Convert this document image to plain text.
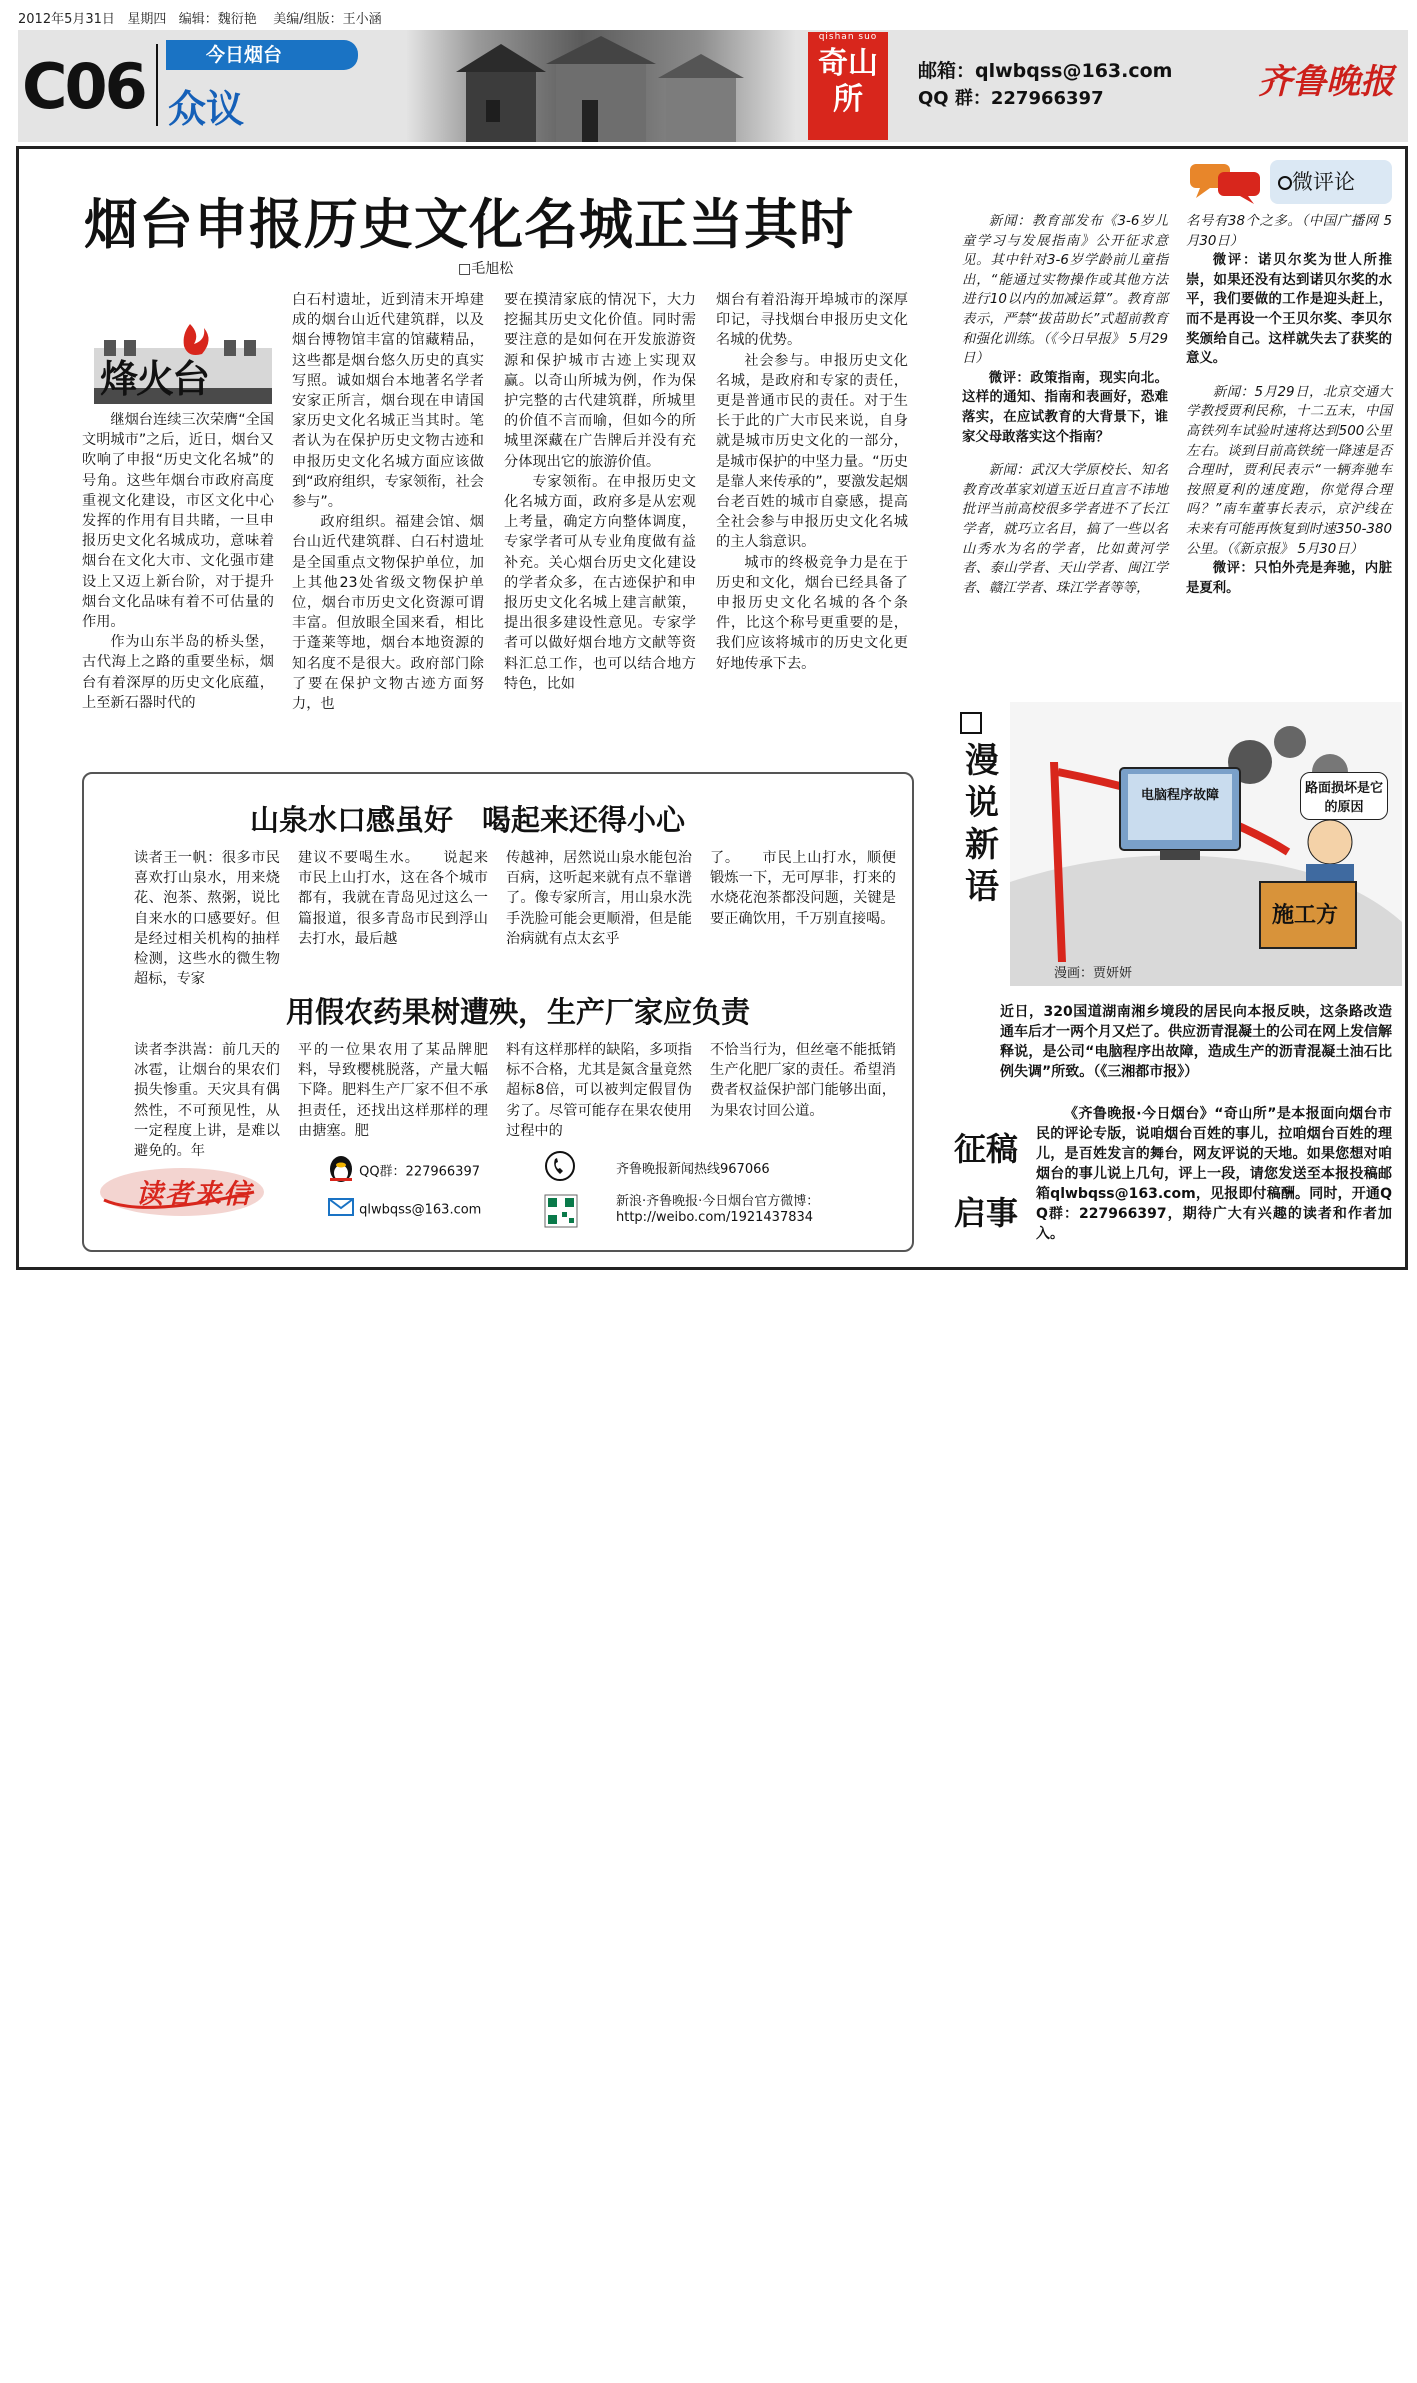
2012年5月31日 星期四 编辑：魏衍艳 美编/组版：王小涵
C06	今日烟台
众议
qishan suo
奇山所
邮箱：qlwbqss@163.com
QQ 群：227966397	齐鲁晚报
烟台申报历史文化名城正当其时
□毛旭松
烽火台

继烟台连续三次荣膺“全国文明城市”之后，近日，烟台又吹响了申报“历史文化名城”的号角。这些年烟台市政府高度重视文化建设，市区文化中心发挥的作用有目共睹，一旦申报历史文化名城成功，意味着烟台在文化大市、文化强市建设上又迈上新台阶，对于提升烟台文化品味有着不可估量的作用。

作为山东半岛的桥头堡，古代海上之路的重要坐标，烟台有着深厚的历史文化底蕴，上至新石器时代的

白石村遗址，近到清末开埠建成的烟台山近代建筑群，以及烟台博物馆丰富的馆藏精品，这些都是烟台悠久历史的真实写照。诚如烟台本地著名学者安家正所言，烟台现在申请国家历史文化名城正当其时。笔者认为在保护历史文物古迹和申报历史文化名城方面应该做到“政府组织，专家领衔，社会参与”。

政府组织。福建会馆、烟台山近代建筑群、白石村遗址是全国重点文物保护单位，加上其他23处省级文物保护单位，烟台市历史文化资源可谓丰富。但放眼全国来看，相比于蓬莱等地，烟台本地资源的知名度不是很大。政府部门除了要在保护文物古迹方面努力，也

要在摸清家底的情况下，大力挖掘其历史文化价值。同时需要注意的是如何在开发旅游资源和保护城市古迹上实现双赢。以奇山所城为例，作为保护完整的古代建筑群，所城里的价值不言而喻，但如今的所城里深藏在广告牌后并没有充分体现出它的旅游价值。

专家领衔。在申报历史文化名城方面，政府多是从宏观上考量，确定方向整体调度，专家学者可从专业角度做有益补充。关心烟台历史文化建设的学者众多，在古迹保护和申报历史文化名城上建言献策，提出很多建设性意见。专家学者可以做好烟台地方文献等资料汇总工作，也可以结合地方特色，比如

烟台有着沿海开埠城市的深厚印记，寻找烟台申报历史文化名城的优势。

社会参与。申报历史文化名城，是政府和专家的责任，更是普通市民的责任。对于生长于此的广大市民来说，自身就是城市历史文化的一部分，是城市保护的中坚力量。“历史是靠人来传承的”，要激发起烟台老百姓的城市自豪感，提高全社会参与申报历史文化名城的主人翁意识。

城市的终极竞争力是在于历史和文化，烟台已经具备了申报历史文化名城的各个条件，比这个称号更重要的是，我们应该将城市的历史文化更好地传承下去。

山泉水口感虽好　喝起来还得小心
读者王一帆：很多市民喜欢打山泉水，用来烧花、泡茶、熬粥，说比自来水的口感要好。但是经过相关机构的抽样检测，这些水的微生物超标，专家
建议不要喝生水。　　说起来市民上山打水，这在各个城市都有，我就在青岛见过这么一篇报道，很多青岛市民到浮山去打水，最后越
传越神，居然说山泉水能包治百病，这听起来就有点不靠谱了。像专家所言，用山泉水洗手洗脸可能会更顺滑，但是能治病就有点太玄乎
了。　　市民上山打水，顺便锻炼一下，无可厚非，打来的水烧花泡茶都没问题，关键是要正确饮用，千万别直接喝。
用假农药果树遭殃，生产厂家应负责
读者李洪嵩：前几天的冰雹，让烟台的果农们损失惨重。天灾具有偶然性，不可预见性，从一定程度上讲，是难以避免的。年
平的一位果农用了某品牌肥料，导致樱桃脱落，产量大幅下降。肥料生产厂家不但不承担责任，还找出这样那样的理由搪塞。肥
料有这样那样的缺陷，多项指标不合格，尤其是氮含量竟然超标8倍，可以被判定假冒伪劣了。尽管可能存在果农使用过程中的
不恰当行为，但丝毫不能抵销生产化肥厂家的责任。希望消费者权益保护部门能够出面，为果农讨回公道。
读者来信
QQ群：227966397
qlwbqss@163.com
齐鲁晚报新闻热线967066
新浪·齐鲁晚报·今日烟台官方微博：
http://weibo.com/1921437834
微评论

新闻：教育部发布《3-6岁儿童学习与发展指南》公开征求意见。其中针对3-6岁学龄前儿童指出，“能通过实物操作或其他方法进行10以内的加减运算”。教育部表示，严禁“拔苗助长”式超前教育和强化训练。（《今日早报》 5月29日）

微评：政策指南，现实向北。这样的通知、指南和表画好，恐难落实，在应试教育的大背景下，谁家父母敢落实这个指南？

新闻：武汉大学原校长、知名教育改革家刘道玉近日直言不讳地批评当前高校很多学者进不了长江学者，就巧立名目，搞了一些以名山秀水为名的学者，比如黄河学者、泰山学者、天山学者、闽江学者、赣江学者、珠江学者等等，

名号有38个之多。（中国广播网 5月30日）

微评：诺贝尔奖为世人所推崇，如果还没有达到诺贝尔奖的水平，我们要做的工作是迎头赶上，而不是再设一个王贝尔奖、李贝尔奖颁给自己。这样就失去了获奖的意义。

新闻：5月29日，北京交通大学教授贾利民称，十二五末，中国高铁列车试验时速将达到500公里左右。谈到目前高铁统一降速是否合理时，贾利民表示“一辆奔驰车按照夏利的速度跑，你觉得合理吗？”南车董事长表示，京沪线在未来有可能再恢复到时速350-380公里。（《新京报》 5月30日）

微评：只怕外壳是奔驰，内脏是夏利。

漫说新语
电脑程序故障	路面损坏是它的原因
施工方
漫画：贾妍妍
近日，320国道湖南湘乡境段的居民向本报反映，这条路改造通车后才一两个月又烂了。供应沥青混凝土的公司在网上发信解释说，是公司“电脑程序出故障，造成生产的沥青混凝土油石比例失调”所致。（《三湘都市报》）
征稿
启事

《齐鲁晚报·今日烟台》“奇山所”是本报面向烟台市民的评论专版，说咱烟台百姓的事儿，拉咱烟台百姓的理儿，是百姓发言的舞台，网友评说的天地。如果您想对咱烟台的事儿说上几句，评上一段，请您发送至本报投稿邮箱qlwbqss@163.com，见报即付稿酬。同时，开通QQ群：227966397，期待广大有兴趣的读者和作者加入。
